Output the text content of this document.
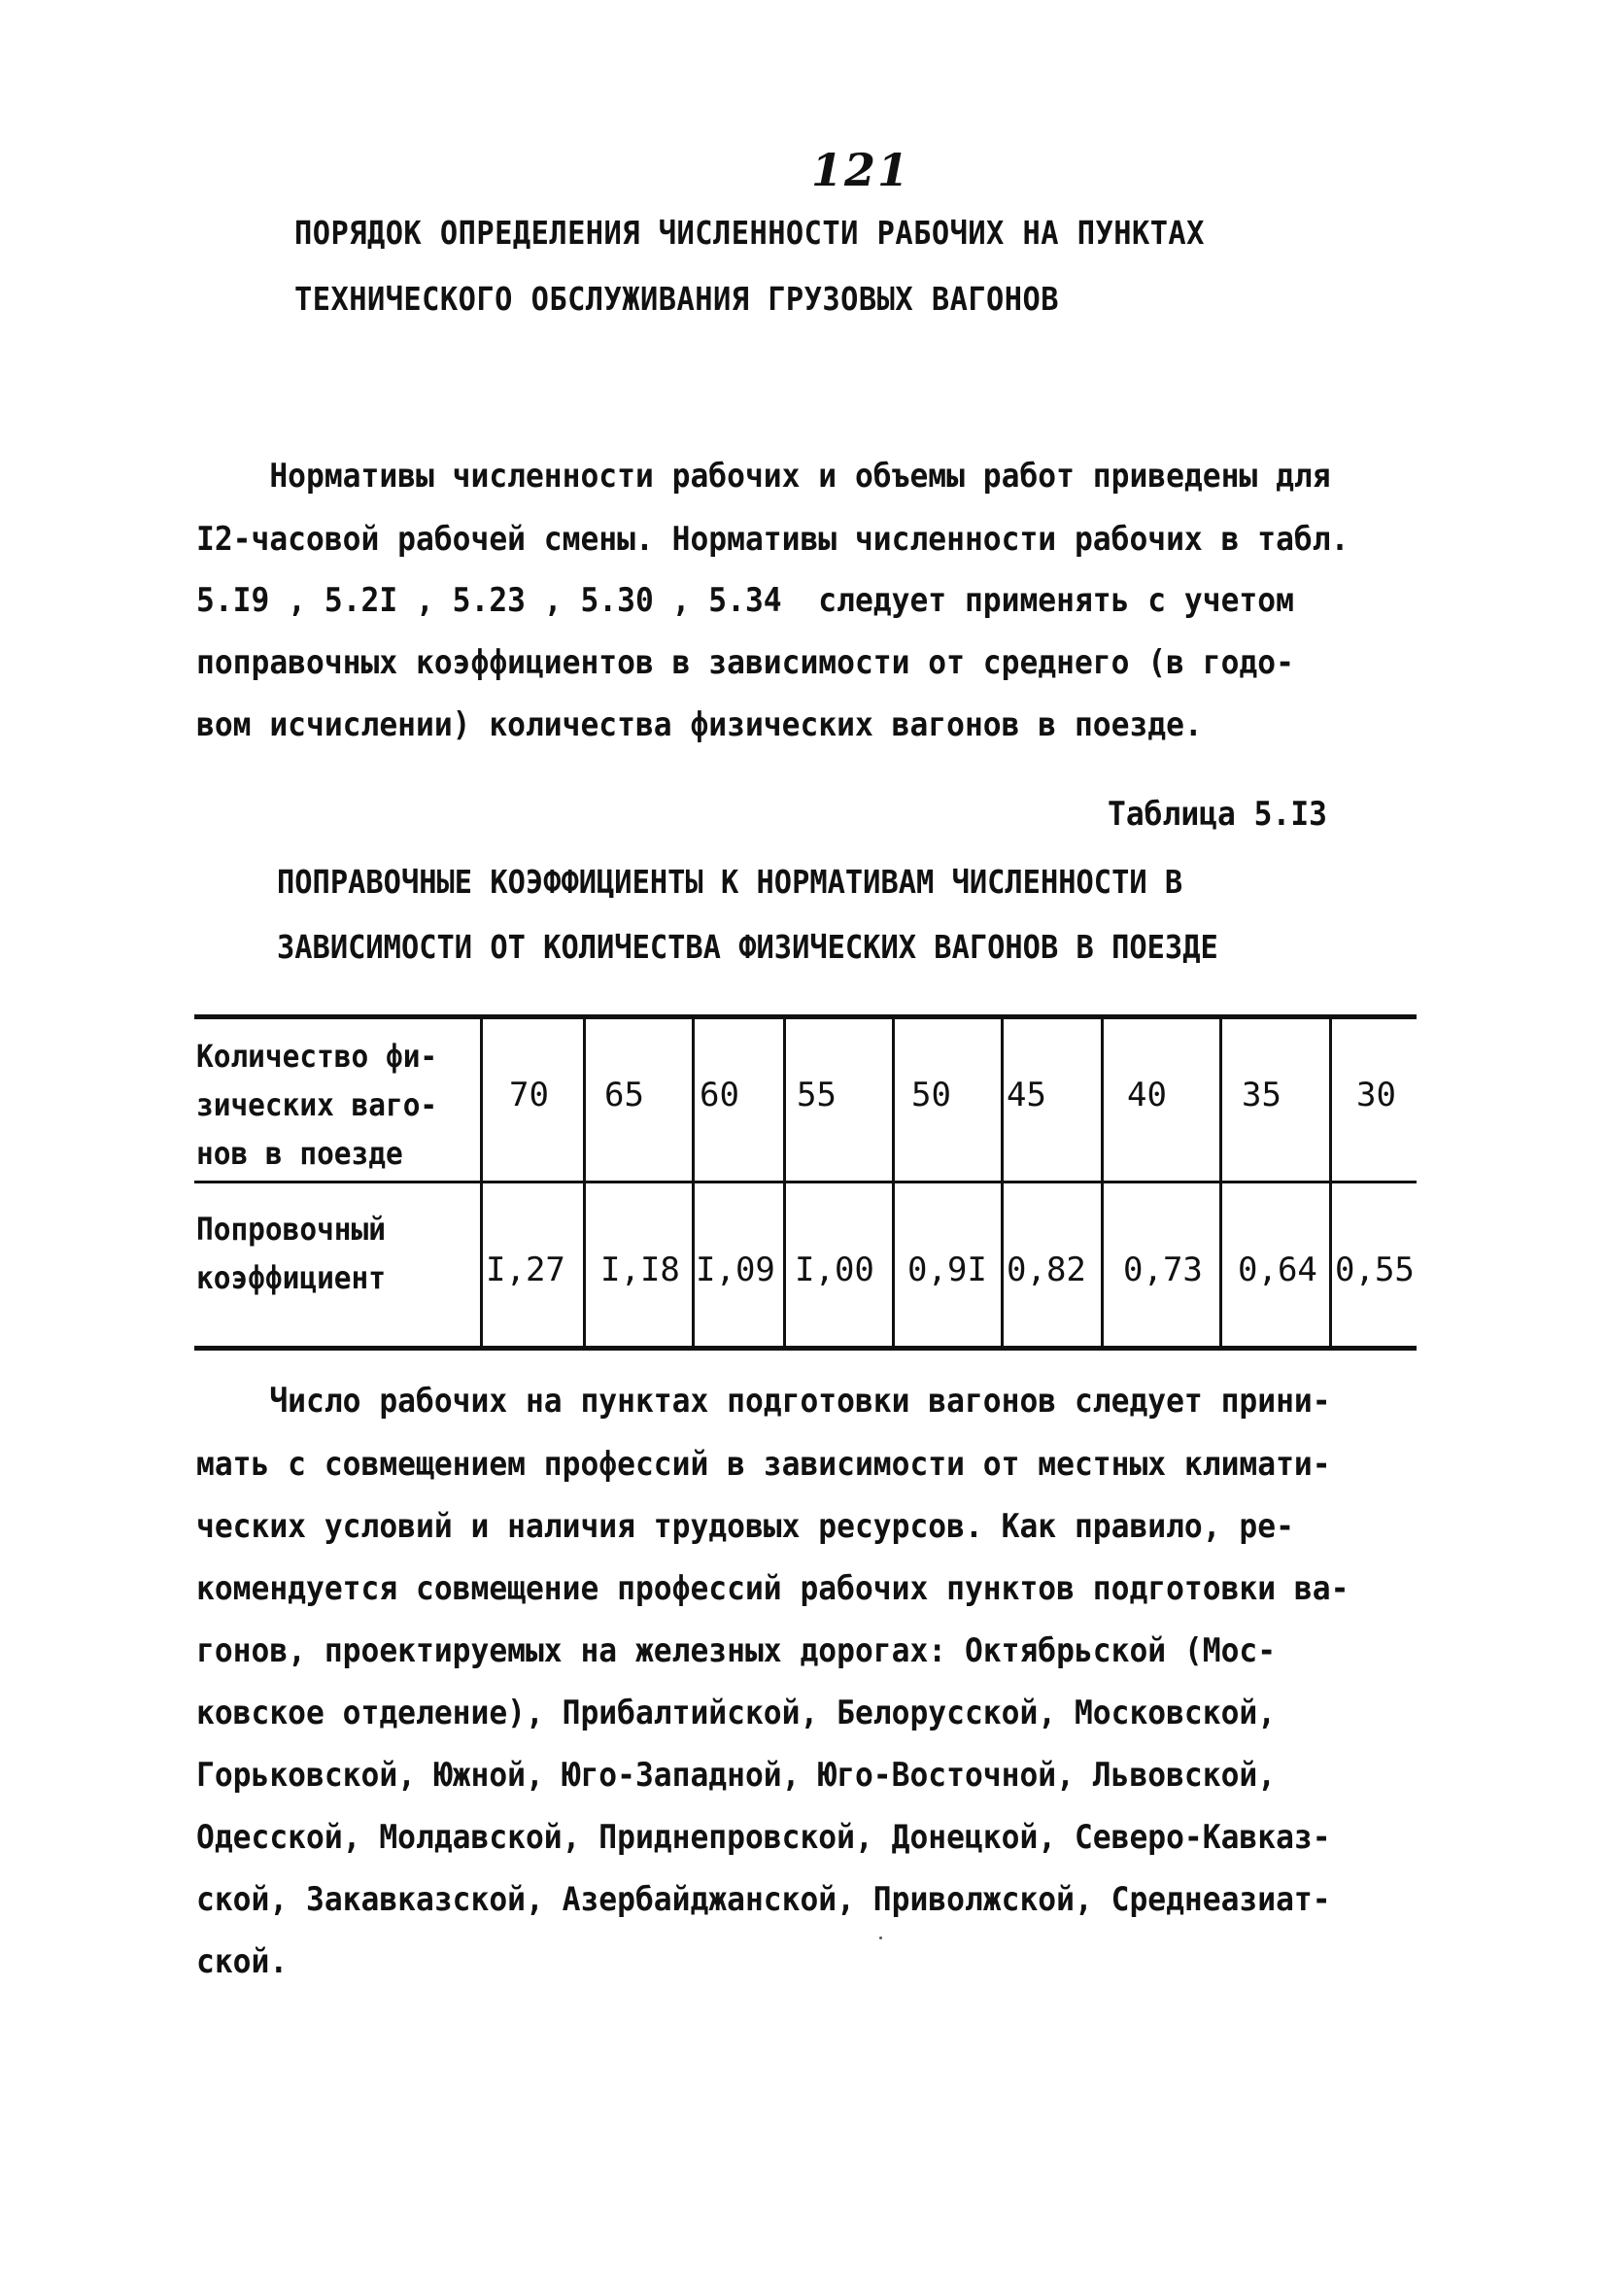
121
ПОРЯДОК ОПРЕДЕЛЕНИЯ ЧИСЛЕННОСТИ РАБОЧИХ НА ПУНКТАХ
ТЕХНИЧЕСКОГО ОБСЛУЖИВАНИЯ ГРУЗОВЫХ ВАГОНОВ
Нормативы численности рабочих и объемы работ приведены для
I2-часовой рабочей смены. Нормативы численности рабочих в табл.
5.I9 , 5.2I , 5.23 , 5.30 , 5.34  следует применять с учетом
поправочных коэффициентов в зависимости от среднего (в годо-
вом исчислении) количества физических вагонов в поезде.
Таблица 5.I3
ПОПРАВОЧНЫЕ КОЭФФИЦИЕНТЫ К НОРМАТИВАМ ЧИСЛЕННОСТИ В
ЗАВИСИМОСТИ ОТ КОЛИЧЕСТВА ФИЗИЧЕСКИХ ВАГОНОВ В ПОЕЗДЕ
Количество фи-
зических ваго-
нов в поезде
70 65 60 55 50 45 40 35 30
Попровочный
коэффициент	I,27 I,I8 I,09 I,00 0,9I 0,82 0,73 0,64 0,55
Число рабочих на пунктах подготовки вагонов следует прини-
мать с совмещением профессий в зависимости от местных климати-
ческих условий и наличия трудовых ресурсов. Как правило, ре-
комендуется совмещение профессий рабочих пунктов подготовки ва-
гонов, проектируемых на железных дорогах: Октябрьской (Мос-
ковское отделение), Прибалтийской, Белорусской, Московской,
Горьковской, Южной, Юго-Западной, Юго-Восточной, Львовской,
Одесской, Молдавской, Приднепровской, Донецкой, Северо-Кавказ-
ской, Закавказской, Азербайджанской, Приволжской, Среднеазиат-
ской.
